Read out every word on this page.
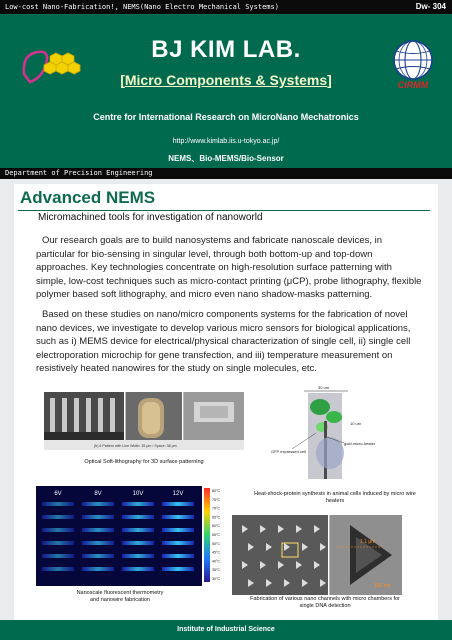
Low-cost Nano-Fabrication!, NEMS(Nano Electro Mechanical Systems)	Dw- 304
BJ KIM LAB.
[Micro Components & Systems]
Centre for International Research on MicroNano Mechatronics
http://www.kimlab.iis.u-tokyo.ac.jp/
NEMS、Bio-MEMS/Bio-Sensor
CIRMM
Department of Precision Engineering
Advanced NEMS
Micromachined tools for investigation of nanoworld

Our research goals are to build nanosystems and fabricate nanoscale devices, in particular for bio-sensing in singular level, through both bottom-up and top-down approaches. Key technologies concentrate on high-resolution surface patterning with simple, low-cost techniques such as micro-contact printing (μCP), probe lithography, flexible polymer based soft lithography, and micro even nano shadow-masks patterning.

Based on these studies on nano/micro components systems for the fabrication of novel nano devices, we investigate to develop various micro sensors for biological applications, such as i) MEMS device for electrical/physical characterization of single cell, ii) single cell electroporation microchip for gene transfection, and iii) temperature measurement on resistively heated nanowires for the study on single molecules, etc.

(b) 6 Pattern with Line Width: 35 μm / Space: 38 μm
Optical Soft-lithography for 3D surface patterning
30 um
10 um
GFP expressed cell
gold micro-heater
Heat-shock-protein synthesis in animal cells induced by micro wire heaters
80°C
75°C
70°C
65°C
60°C
55°C
50°C
45°C
40°C
35°C
30°C
6V	8V	10V	12V
Nanoscale fluorescent thermometry
and nanowire fabrication
1.1 μm
150 nm
Fabrication of various nano channels with micro chambers for single DNA detection
Institute of Industrial Science
